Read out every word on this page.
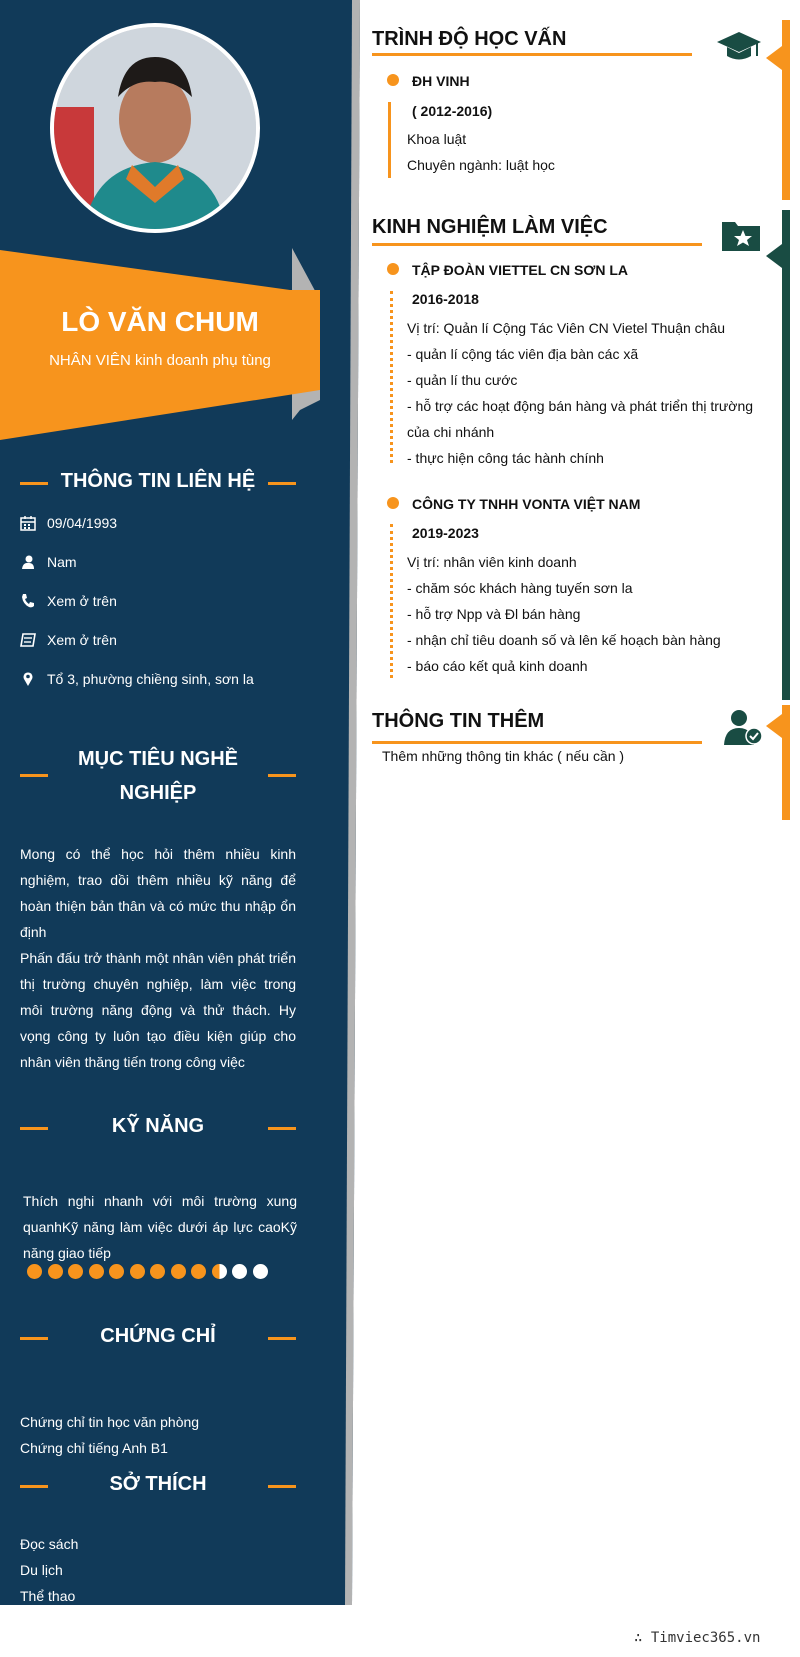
LÒ VĂN CHUM
NHÂN VIÊN kinh doanh phụ tùng
THÔNG TIN LIÊN HỆ
09/04/1993
Nam
Xem ở trên
Xem ở trên
Tổ 3, phường chiềng sinh, sơn la
MỤC TIÊU NGHỀ
NGHIỆP
Mong có thể học hỏi thêm nhiều kinh nghiệm, trao dồi thêm nhiều kỹ năng để hoàn thiện bản thân và có mức thu nhập ổn định
Phấn đấu trở thành một nhân viên phát triển thị trường chuyên nghiệp, làm việc trong môi trường năng động và thử thách. Hy vọng công ty luôn tạo điều kiện giúp cho nhân viên thăng tiến trong công việc
KỸ NĂNG
Thích nghi nhanh với môi trường xung quanhKỹ năng làm việc dưới áp lực caoKỹ năng giao tiếp
CHỨNG CHỈ
Chứng chỉ tin học văn phòng
Chứng chỉ tiếng Anh B1
SỞ THÍCH
Đọc sách
Du lịch
Thể thao
TRÌNH ĐỘ HỌC VẤN
ĐH VINH
( 2012-2016)
Khoa luật
Chuyên ngành: luật học
KINH NGHIỆM LÀM VIỆC
TẬP ĐOÀN VIETTEL CN SƠN LA
2016-2018
Vị trí: Quản lí Cộng Tác Viên CN Vietel Thuận châu
- quản lí cộng tác viên địa bàn các xã
- quản lí thu cước
- hỗ trợ các hoạt động bán hàng và phát triển thị trường
của chi nhánh
- thực hiện công tác hành chính
CÔNG TY TNHH VONTA VIỆT NAM
2019-2023
Vị trí: nhân viên kinh doanh
- chăm sóc khách hàng tuyến sơn la
- hỗ trợ Npp và Đl bán hàng
- nhận chỉ tiêu doanh số và lên kế hoạch bàn hàng
- báo cáo kết quả kinh doanh
THÔNG TIN THÊM
Thêm những thông tin khác ( nếu cần )
∴ Timviec365.vn
